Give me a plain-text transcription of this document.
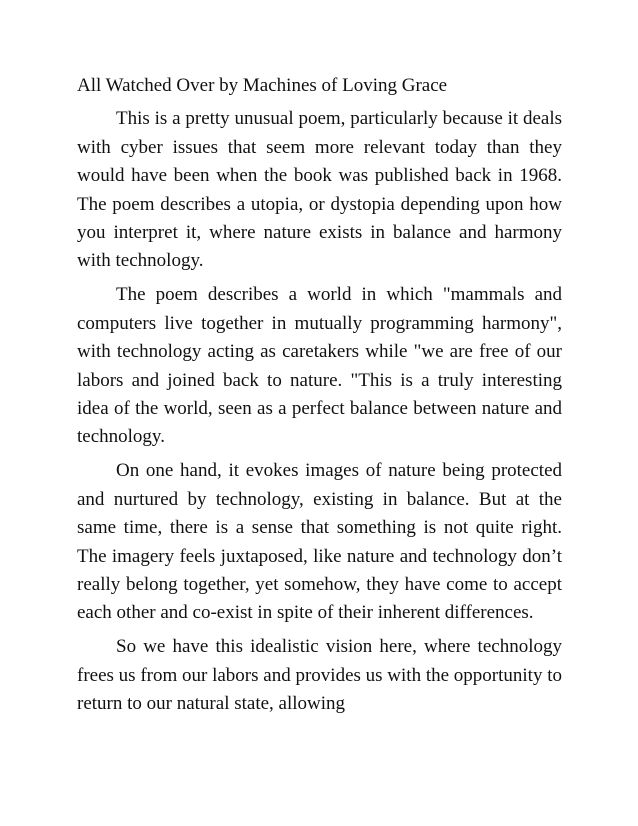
All Watched Over by Machines of Loving Grace

This is a pretty unusual poem, particularly because it deals with cyber issues that seem more relevant today than they would have been when the book was published back in 1968. The poem describes a utopia, or dystopia depending upon how you interpret it, where nature exists in balance and harmony with technology.

The poem describes a world in which "mammals and computers live together in mutually programming harmony", with technology acting as caretakers while "we are free of our labors and joined back to nature. "This is a truly interesting idea of the world, seen as a perfect balance between nature and technology.

On one hand, it evokes images of nature being protected and nurtured by technology, existing in balance. But at the same time, there is a sense that something is not quite right. The imagery feels juxtaposed, like nature and technology don’t really belong together, yet somehow, they have come to accept each other and co-exist in spite of their inherent differences.

So we have this idealistic vision here, where technology frees us from our labors and provides us with the opportunity to return to our natural state, allowing
